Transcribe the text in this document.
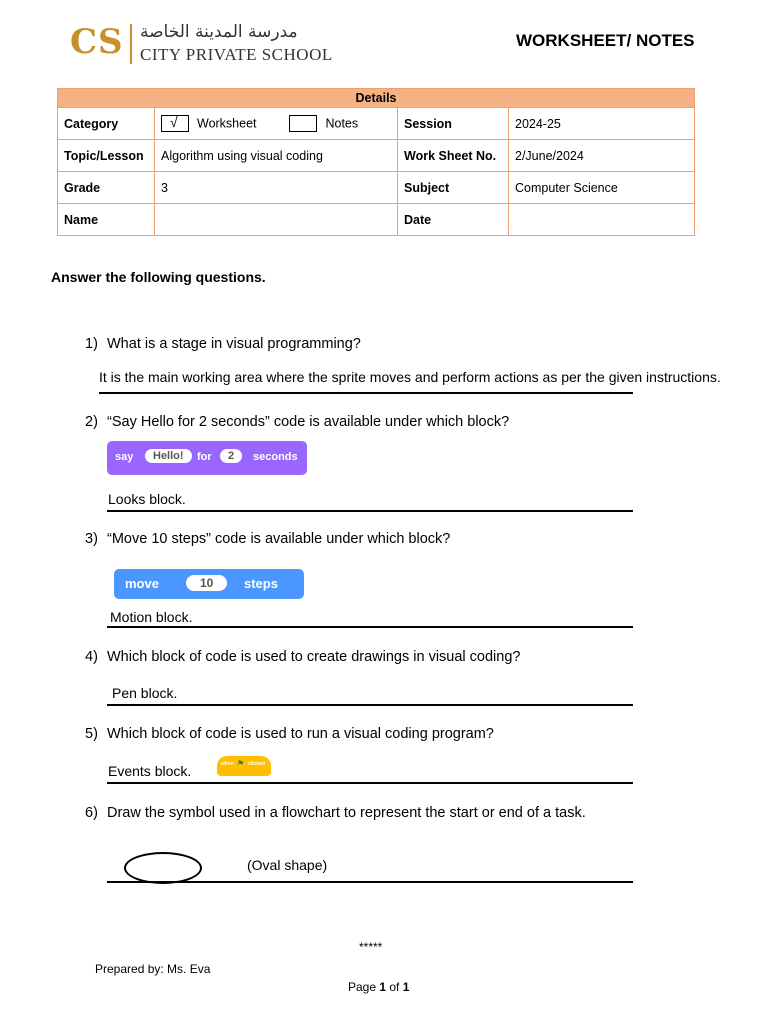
CS مدرسة المدينة الخاصة
CITY PRIVATE SCHOOL
WORKSHEET/ NOTES
Details			
Category	√ Worksheet Notes	Session	2024-25
Topic/Lesson	Algorithm using visual coding	Work Sheet No.	2/June/2024
Grade	3	Subject	Computer Science
Name		Date	
Answer the following questions.
1) What is a stage in visual programming?
It is the main working area where the sprite moves and perform actions as per the given instructions.
2) “Say Hello for 2 seconds” code is available under which block?
say	Hello!	for	2	seconds
Looks block.
3) “Move 10 steps” code is available under which block?
move	10	steps
Motion block.
4) Which block of code is used to create drawings in visual coding?
Pen block.
5) Which block of code is used to run a visual coding program?
Events block.	when ⚑ clicked
6) Draw the symbol used in a flowchart to represent the start or end of a task.
(Oval shape)
*****
Prepared by: Ms. Eva
Page 1 of 1
